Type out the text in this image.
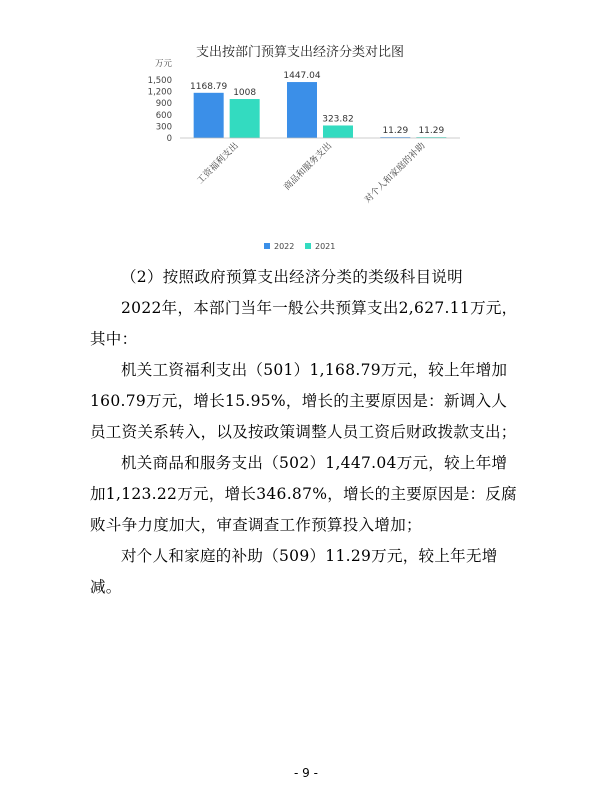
支出按部门预算支出经济分类对比图
万元
0
300
600
900
1,200
1,500
1168.79
1008
1447.04
323.82
11.29 11.29
工资福利支出	商品和服务支出	对个人和家庭的补助
2022	2021

（2）按照政府预算支出经济分类的类级科目说明

2022年，本部门当年一般公共预算支出2,627.11万元，其中：

机关工资福利支出（501）1,168.79万元，较上年增加160.79万元，增长15.95%，增长的主要原因是：新调入人员工资关系转入，以及按政策调整人员工资后财政拨款支出；

机关商品和服务支出（502）1,447.04万元，较上年增加1,123.22万元，增长346.87%，增长的主要原因是：反腐败斗争力度加大，审查调查工作预算投入增加；

对个人和家庭的补助（509）11.29万元，较上年无增减。

- 9 -
